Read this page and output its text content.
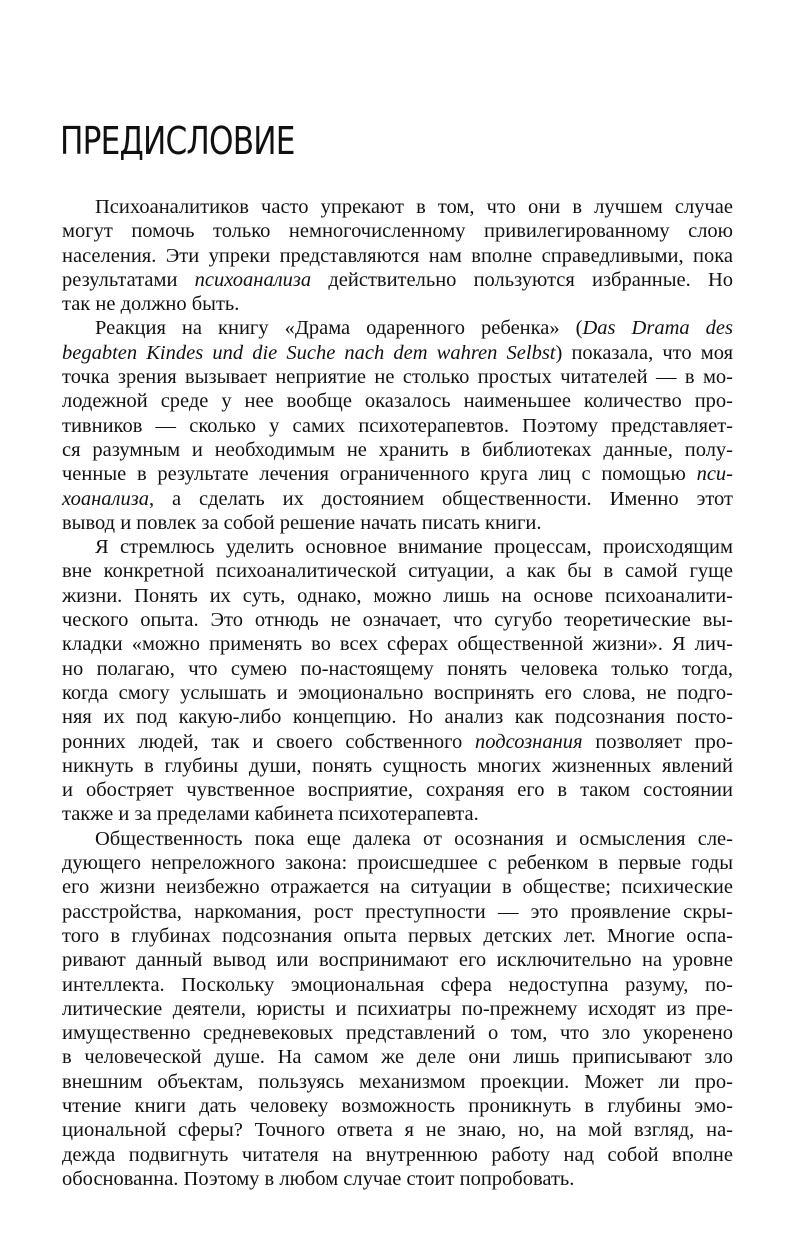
ПРЕДИСЛОВИЕ
Психоаналитиков часто упрекают в том, что они в лучшем случае
могут помочь только немногочисленному привилегированному слою
населения. Эти упреки представляются нам вполне справедливыми, пока
результатами психоанализа действительно пользуются избранные. Но
так не должно быть.
Реакция на книгу «Драма одаренного ребенка» (Das Drama des
begabten Kindes und die Suche nach dem wahren Selbst) показала, что моя
точка зрения вызывает неприятие не столько простых читателей — в мо-
лодежной среде у нее вообще оказалось наименьшее количество про-
тивников — сколько у самих психотерапевтов. Поэтому представляет-
ся разумным и необходимым не хранить в библиотеках данные, полу-
ченные в результате лечения ограниченного круга лиц с помощью пси-
хоанализа, а сделать их достоянием общественности. Именно этот
вывод и повлек за собой решение начать писать книги.
Я стремлюсь уделить основное внимание процессам, происходящим
вне конкретной психоаналитической ситуации, а как бы в самой гуще
жизни. Понять их суть, однако, можно лишь на основе психоаналити-
ческого опыта. Это отнюдь не означает, что сугубо теоретические вы-
кладки «можно применять во всех сферах общественной жизни». Я лич-
но полагаю, что сумею по-настоящему понять человека только тогда,
когда смогу услышать и эмоционально воспринять его слова, не подго-
няя их под какую-либо концепцию. Но анализ как подсознания посто-
ронних людей, так и своего собственного подсознания позволяет про-
никнуть в глубины души, понять сущность многих жизненных явлений
и обостряет чувственное восприятие, сохраняя его в таком состоянии
также и за пределами кабинета психотерапевта.
Общественность пока еще далека от осознания и осмысления сле-
дующего непреложного закона: происшедшее с ребенком в первые годы
его жизни неизбежно отражается на ситуации в обществе; психические
расстройства, наркомания, рост преступности — это проявление скры-
того в глубинах подсознания опыта первых детских лет. Многие оспа-
ривают данный вывод или воспринимают его исключительно на уровне
интеллекта. Поскольку эмоциональная сфера недоступна разуму, по-
литические деятели, юристы и психиатры по-прежнему исходят из пре-
имущественно средневековых представлений о том, что зло укоренено
в человеческой душе. На самом же деле они лишь приписывают зло
внешним объектам, пользуясь механизмом проекции. Может ли про-
чтение книги дать человеку возможность проникнуть в глубины эмо-
циональной сферы? Точного ответа я не знаю, но, на мой взгляд, на-
дежда подвигнуть читателя на внутреннюю работу над собой вполне
обоснованна. Поэтому в любом случае стоит попробовать.
